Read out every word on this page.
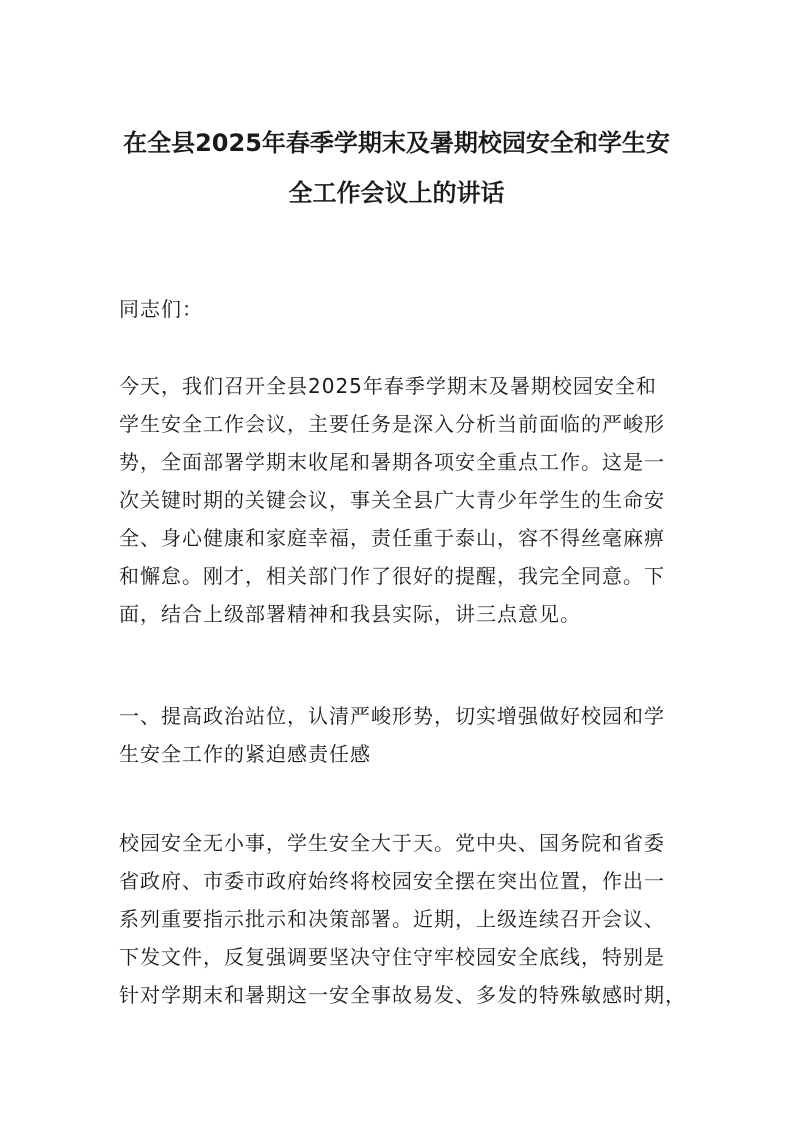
在全县2025年春季学期末及暑期校园安全和学生安
全工作会议上的讲话

同志们：

今天，我们召开全县2025年春季学期末及暑期校园安全和
学生安全工作会议，主要任务是深入分析当前面临的严峻形
势，全面部署学期末收尾和暑期各项安全重点工作。这是一
次关键时期的关键会议，事关全县广大青少年学生的生命安
全、身心健康和家庭幸福，责任重于泰山，容不得丝毫麻痹
和懈怠。刚才，相关部门作了很好的提醒，我完全同意。下
面，结合上级部署精神和我县实际，讲三点意见。
一、提高政治站位，认清严峻形势，切实增强做好校园和学
生安全工作的紧迫感责任感
校园安全无小事，学生安全大于天。党中央、国务院和省委
省政府、市委市政府始终将校园安全摆在突出位置，作出一
系列重要指示批示和决策部署。近期，上级连续召开会议、
下发文件，反复强调要坚决守住守牢校园安全底线，特别是
针对学期末和暑期这一安全事故易发、多发的特殊敏感时期，
